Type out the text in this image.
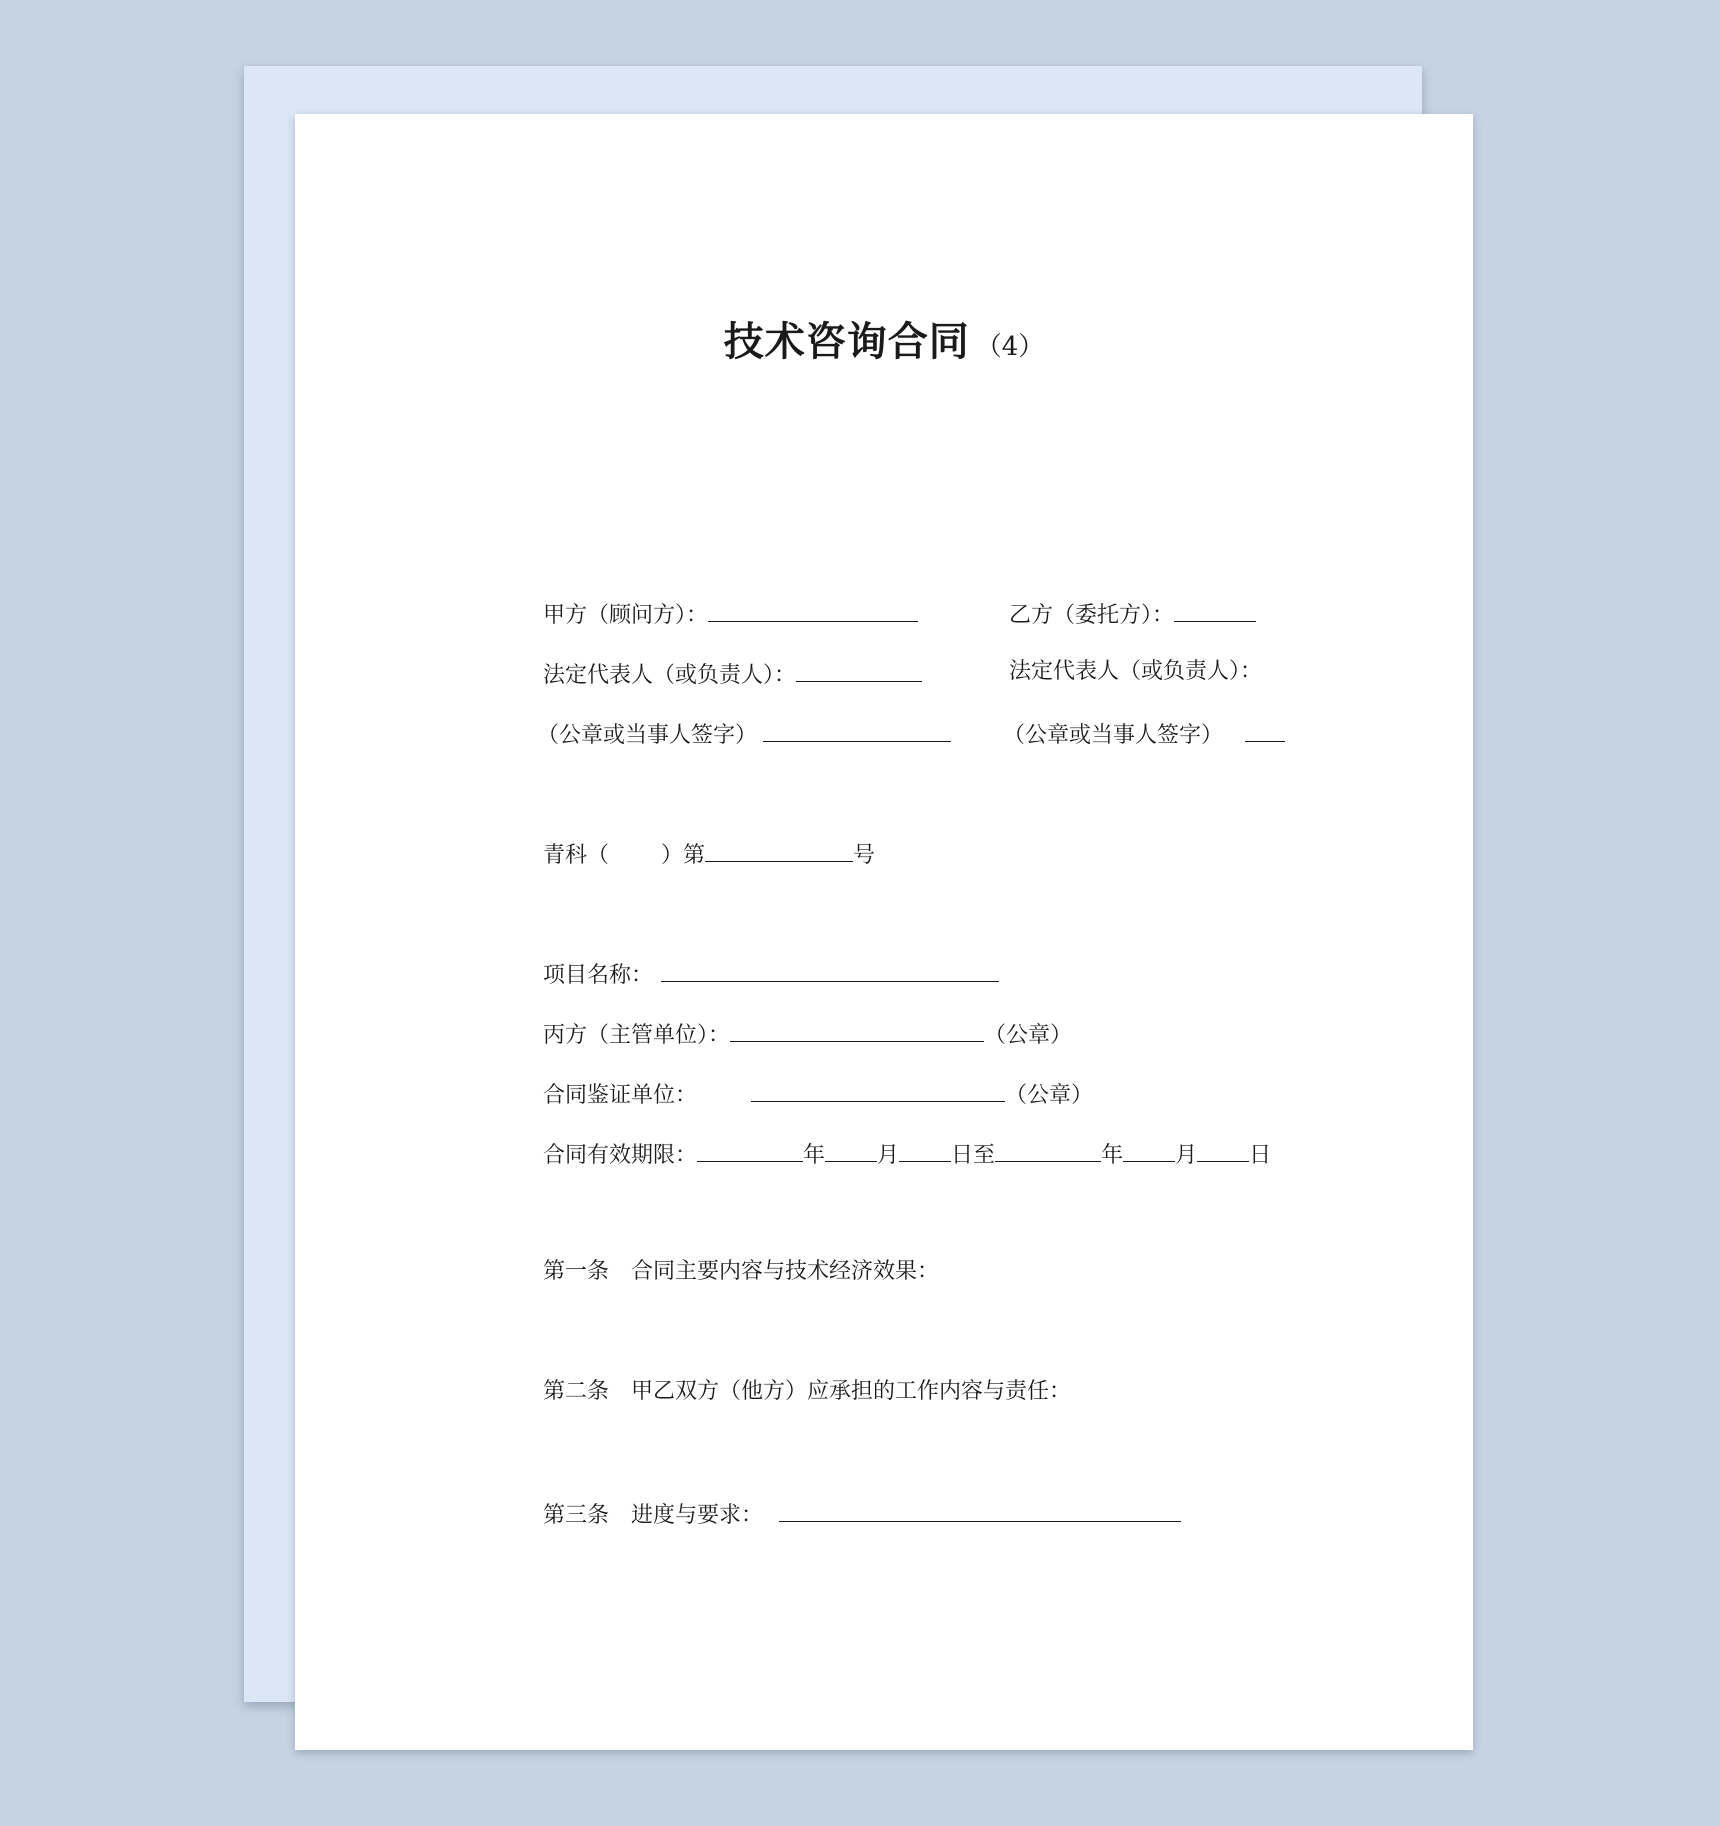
技术咨询合同 （4）
甲方（顾问方）：	乙方（委托方）：
法定代表人（或负责人）：	法定代表人（或负责人）：
（公章或当事人签字）	（公章或当事人签字）
青科（ ）第	号
项目名称：
丙方（主管单位）：	（公章）
合同鉴证单位：	（公章）
合同有效期限：	年 月 日至	年 月 日
第一条 合同主要内容与技术经济效果：
第二条 甲乙双方（他方）应承担的工作内容与责任：
第三条 进度与要求：
